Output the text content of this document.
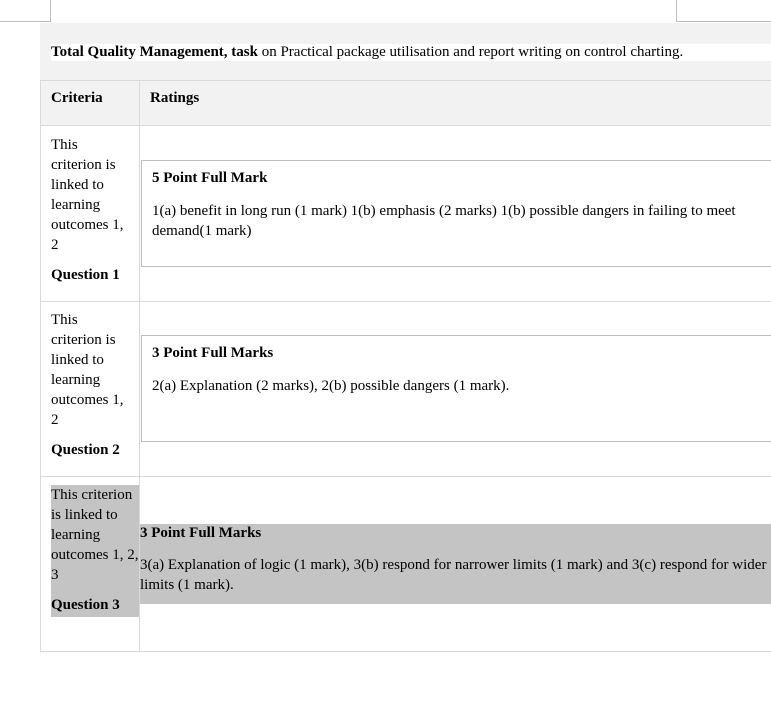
Total Quality Management, task on Practical package utilisation and report writing on control charting.
Criteria	Ratings
This criterion is linked to learning outcomes 1, 2
Question 1
5 Point Full Mark
1(a) benefit in long run (1 mark) 1(b) emphasis (2 marks) 1(b) possible dangers in failing to meet demand(1 mark)
This criterion is linked to learning outcomes 1, 2
Question 2
3 Point Full Marks
2(a) Explanation (2 marks), 2(b) possible dangers (1 mark).
This criterion is linked to learning outcomes 1, 2, 3
Question 3
3 Point Full Marks
3(a) Explanation of logic (1 mark), 3(b) respond for narrower limits (1 mark) and 3(c) respond for wider limits (1 mark).
